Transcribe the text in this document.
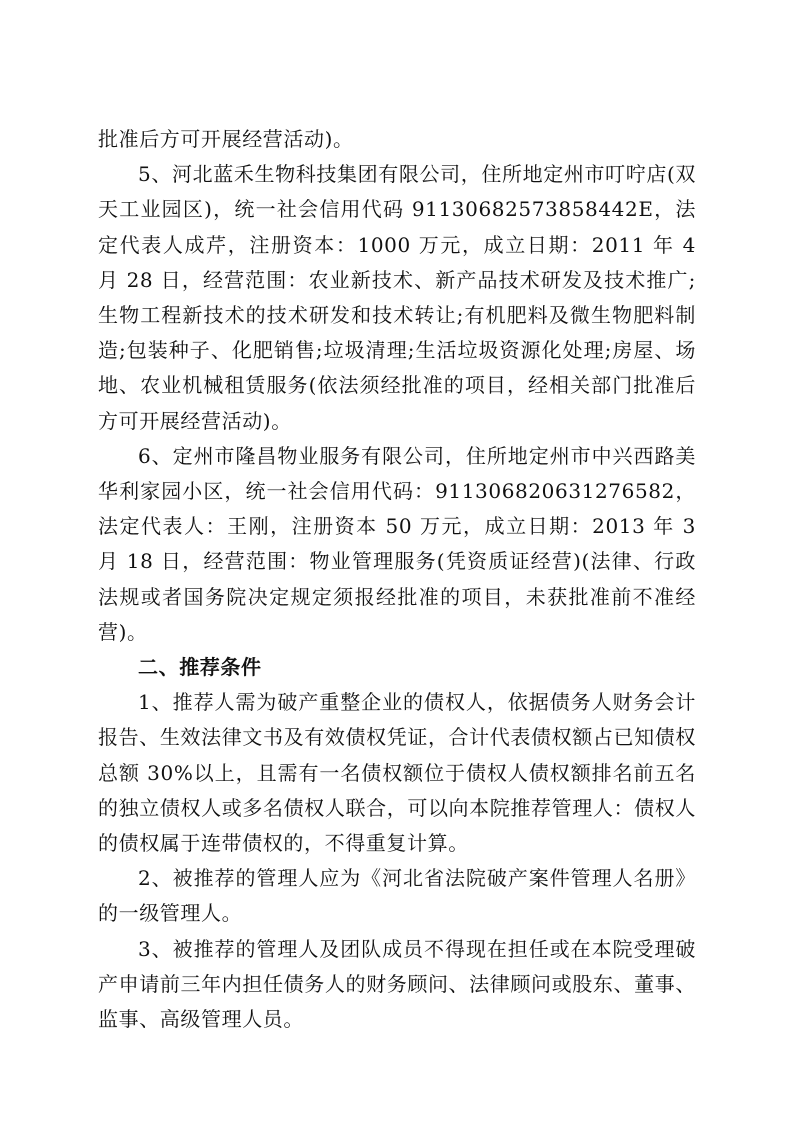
批准后方可开展经营活动)。

5、河北蓝禾生物科技集团有限公司，住所地定州市叮咛店(双天工业园区)，统一社会信用代码 91130682573858442E，法定代表人成芹，注册资本：1000 万元，成立日期：2011 年 4 月 28 日，经营范围：农业新技术、新产品技术研发及技术推广;生物工程新技术的技术研发和技术转让;有机肥料及微生物肥料制造;包装种子、化肥销售;垃圾清理;生活垃圾资源化处理;房屋、场地、农业机械租赁服务(依法须经批准的项目，经相关部门批准后方可开展经营活动)。

6、定州市隆昌物业服务有限公司，住所地定州市中兴西路美华利家园小区，统一社会信用代码：911306820631276582，法定代表人：王刚，注册资本 50 万元，成立日期：2013 年 3 月 18 日，经营范围：物业管理服务(凭资质证经营)(法律、行政法规或者国务院决定规定须报经批准的项目，未获批准前不准经营)。

二、推荐条件

1、推荐人需为破产重整企业的债权人，依据债务人财务会计报告、生效法律文书及有效债权凭证，合计代表债权额占已知债权总额 30%以上，且需有一名债权额位于债权人债权额排名前五名的独立债权人或多名债权人联合，可以向本院推荐管理人：债权人的债权属于连带债权的，不得重复计算。

2、被推荐的管理人应为《河北省法院破产案件管理人名册》的一级管理人。

3、被推荐的管理人及团队成员不得现在担任或在本院受理破产申请前三年内担任债务人的财务顾问、法律顾问或股东、董事、监事、高级管理人员。
